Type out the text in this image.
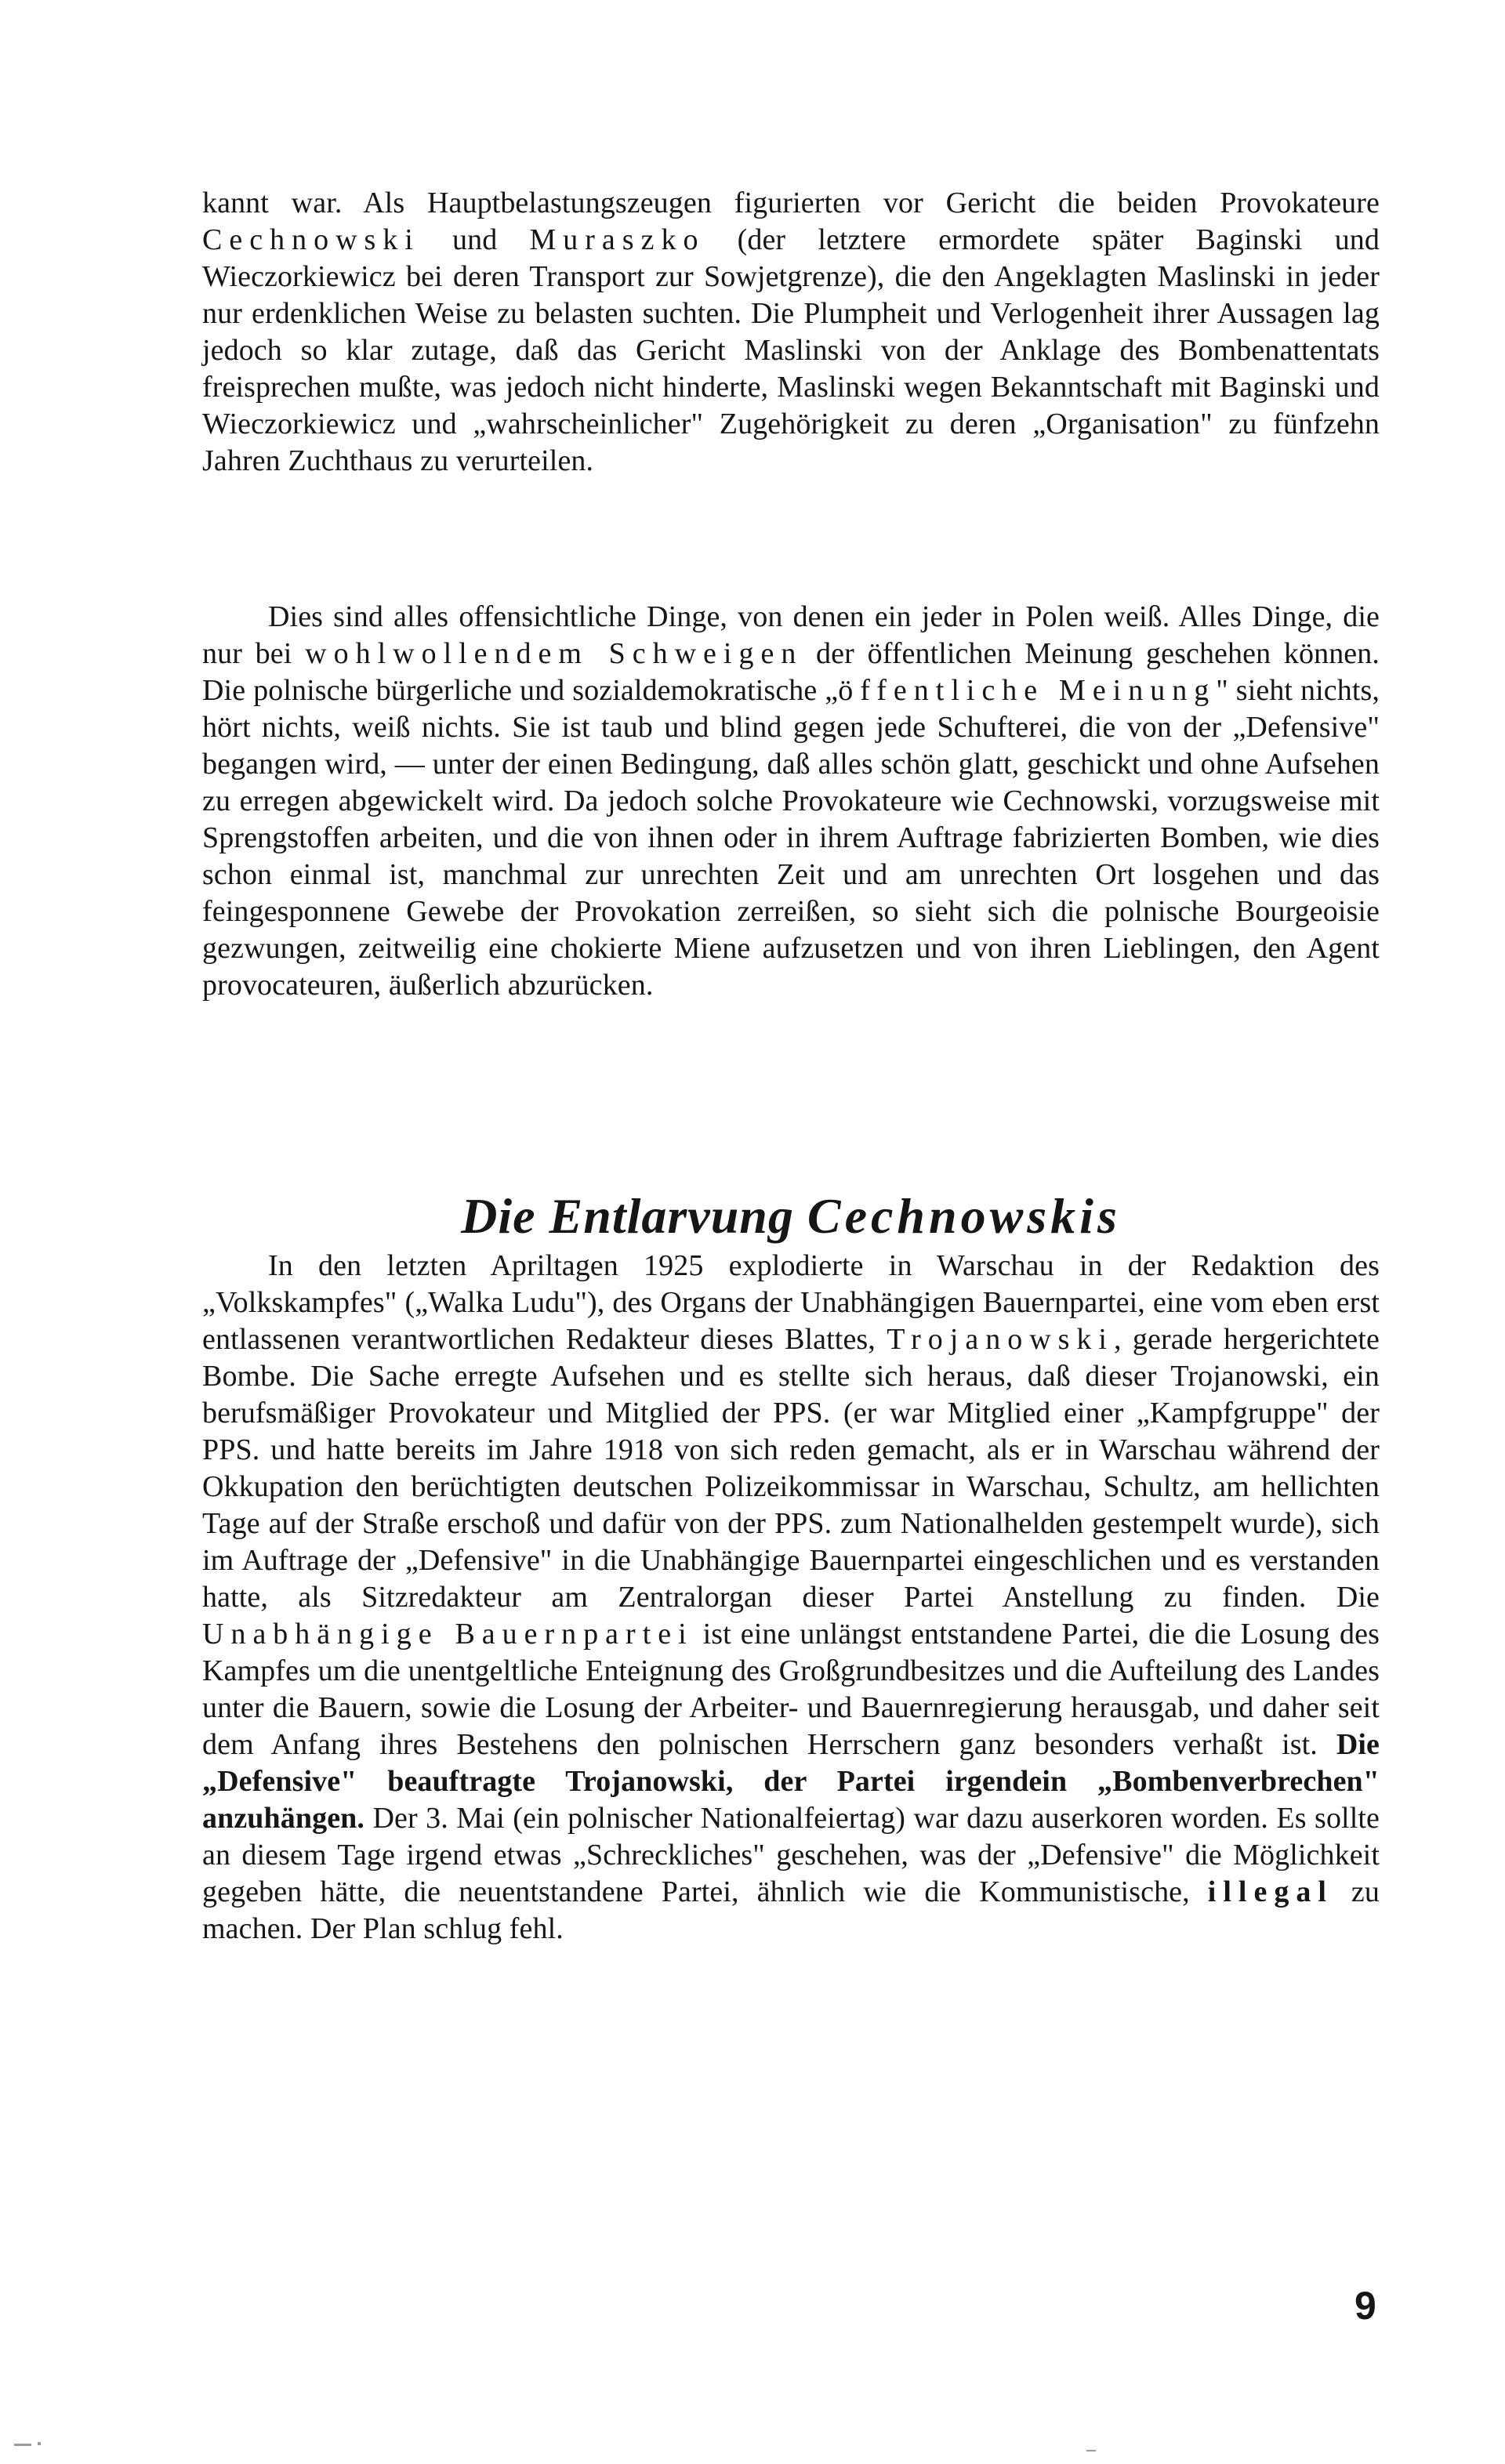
kannt war. Als Hauptbelastungszeugen figurierten vor Gericht die beiden Provokateure Cechnowski und Muraszko (der letztere ermordete später Baginski und Wieczorkiewicz bei deren Transport zur Sowjetgrenze), die den Angeklagten Maslinski in jeder nur erdenklichen Weise zu belasten suchten. Die Plumpheit und Verlogenheit ihrer Aussagen lag jedoch so klar zutage, daß das Gericht Maslinski von der Anklage des Bombenattentats freisprechen mußte, was jedoch nicht hinderte, Maslinski wegen Bekanntschaft mit Baginski und Wieczorkiewicz und „wahrscheinlicher" Zugehörigkeit zu deren „Organisation" zu fünfzehn Jahren Zuchthaus zu verurteilen.

Dies sind alles offensichtliche Dinge, von denen ein jeder in Polen weiß. Alles Dinge, die nur bei wohlwollendem Schweigen der öffentlichen Meinung geschehen können. Die polnische bürgerliche und sozialdemokratische „öffentliche Meinung" sieht nichts, hört nichts, weiß nichts. Sie ist taub und blind gegen jede Schufterei, die von der „Defensive" begangen wird, — unter der einen Bedingung, daß alles schön glatt, geschickt und ohne Aufsehen zu erregen abgewickelt wird. Da jedoch solche Provokateure wie Cechnowski, vorzugsweise mit Sprengstoffen arbeiten, und die von ihnen oder in ihrem Auftrage fabrizierten Bomben, wie dies schon einmal ist, manchmal zur unrechten Zeit und am unrechten Ort losgehen und das feingesponnene Gewebe der Provokation zerreißen, so sieht sich die polnische Bourgeoisie gezwungen, zeitweilig eine chokierte Miene aufzusetzen und von ihren Lieblingen, den Agent provocateuren, äußerlich abzurücken.

Die Entlarvung Cechnowskis

In den letzten Apriltagen 1925 explodierte in Warschau in der Redaktion des „Volkskampfes" („Walka Ludu"), des Organs der Unabhängigen Bauernpartei, eine vom eben erst entlassenen verantwortlichen Redakteur dieses Blattes, Trojanowski, gerade hergerichtete Bombe. Die Sache erregte Aufsehen und es stellte sich heraus, daß dieser Trojanowski, ein berufsmäßiger Provokateur und Mitglied der PPS. (er war Mitglied einer „Kampfgruppe" der PPS. und hatte bereits im Jahre 1918 von sich reden gemacht, als er in Warschau während der Okkupation den berüchtigten deutschen Polizeikommissar in Warschau, Schultz, am hellichten Tage auf der Straße erschoß und dafür von der PPS. zum Nationalhelden gestempelt wurde), sich im Auftrage der „Defensive" in die Unabhängige Bauernpartei eingeschlichen und es verstanden hatte, als Sitzredakteur am Zentralorgan dieser Partei Anstellung zu finden. Die Unabhängige Bauernpartei ist eine unlängst entstandene Partei, die die Losung des Kampfes um die unentgeltliche Enteignung des Großgrundbesitzes und die Aufteilung des Landes unter die Bauern, sowie die Losung der Arbeiter- und Bauernregierung herausgab, und daher seit dem Anfang ihres Bestehens den polnischen Herrschern ganz besonders verhaßt ist. Die „Defensive" beauftragte Trojanowski, der Partei irgendein „Bombenverbrechen" anzuhängen. Der 3. Mai (ein polnischer Nationalfeiertag) war dazu auserkoren worden. Es sollte an diesem Tage irgend etwas „Schreckliches" geschehen, was der „Defensive" die Möglichkeit gegeben hätte, die neuentstandene Partei, ähnlich wie die Kommunistische, illegal zu machen. Der Plan schlug fehl.

9
